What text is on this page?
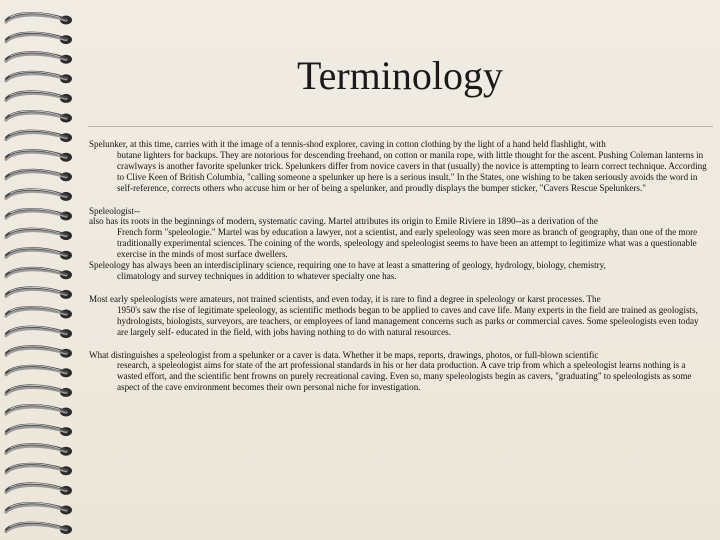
Terminology

Spelunker, at this time, carries with it the image of a tennis-shod explorer, caving in cotton clothing by the light of a hand held flashlight, with
butane lighters for backups. They are notorious for descending freehand, on cotton or manila rope, with little thought for the ascent. Pushing Coleman lanterns in crawlways is another favorite spelunker trick. Spelunkers differ from novice cavers in that (usually) the novice is attempting to learn correct technique. According to Clive Keen of British Columbia, "calling someone a spelunker up here is a serious insult." In the States, one wishing to be taken seriously avoids the word in self-reference, corrects others who accuse him or her of being a spelunker, and proudly displays the bumper sticker, "Cavers Rescue Spelunkers."

Speleologist--

also has its roots in the beginnings of modern, systematic caving. Martel attributes its origin to Emile Riviere in 1890--as a derivation of the
French form "speleologie." Martel was by education a lawyer, not a scientist, and early speleology was seen more as branch of geography, than one of the more traditionally experimental sciences. The coining of the words, speleology and speleologist seems to have been an attempt to legitimize what was a questionable exercise in the minds of most surface dwellers.

Speleology has always been an interdisciplinary science, requiring one to have at least a smattering of geology, hydrology, biology, chemistry,
climatology and survey techniques in addition to whatever specialty one has.

Most early speleologists were amateurs, not trained scientists, and even today, it is rare to find a degree in speleology or karst processes. The
1950's saw the rise of legitimate speleology, as scientific methods began to be applied to caves and cave life. Many experts in the field are trained as geologists, hydrologists, biologists, surveyors, are teachers, or employees of land management concerns such as parks or commercial caves. Some speleologists even today are largely self- educated in the field, with jobs having nothing to do with natural resources.

What distinguishes a speleologist from a spelunker or a caver is data. Whether it be maps, reports, drawings, photos, or full-blown scientific
research, a speleologist aims for state of the art professional standards in his or her data production. A cave trip from which a speleologist learns nothing is a wasted effort, and the scientific bent frowns on purely recreational caving. Even so, many speleologists begin as cavers, "graduating" to speleologists as some aspect of the cave environment becomes their own personal niche for investigation.
